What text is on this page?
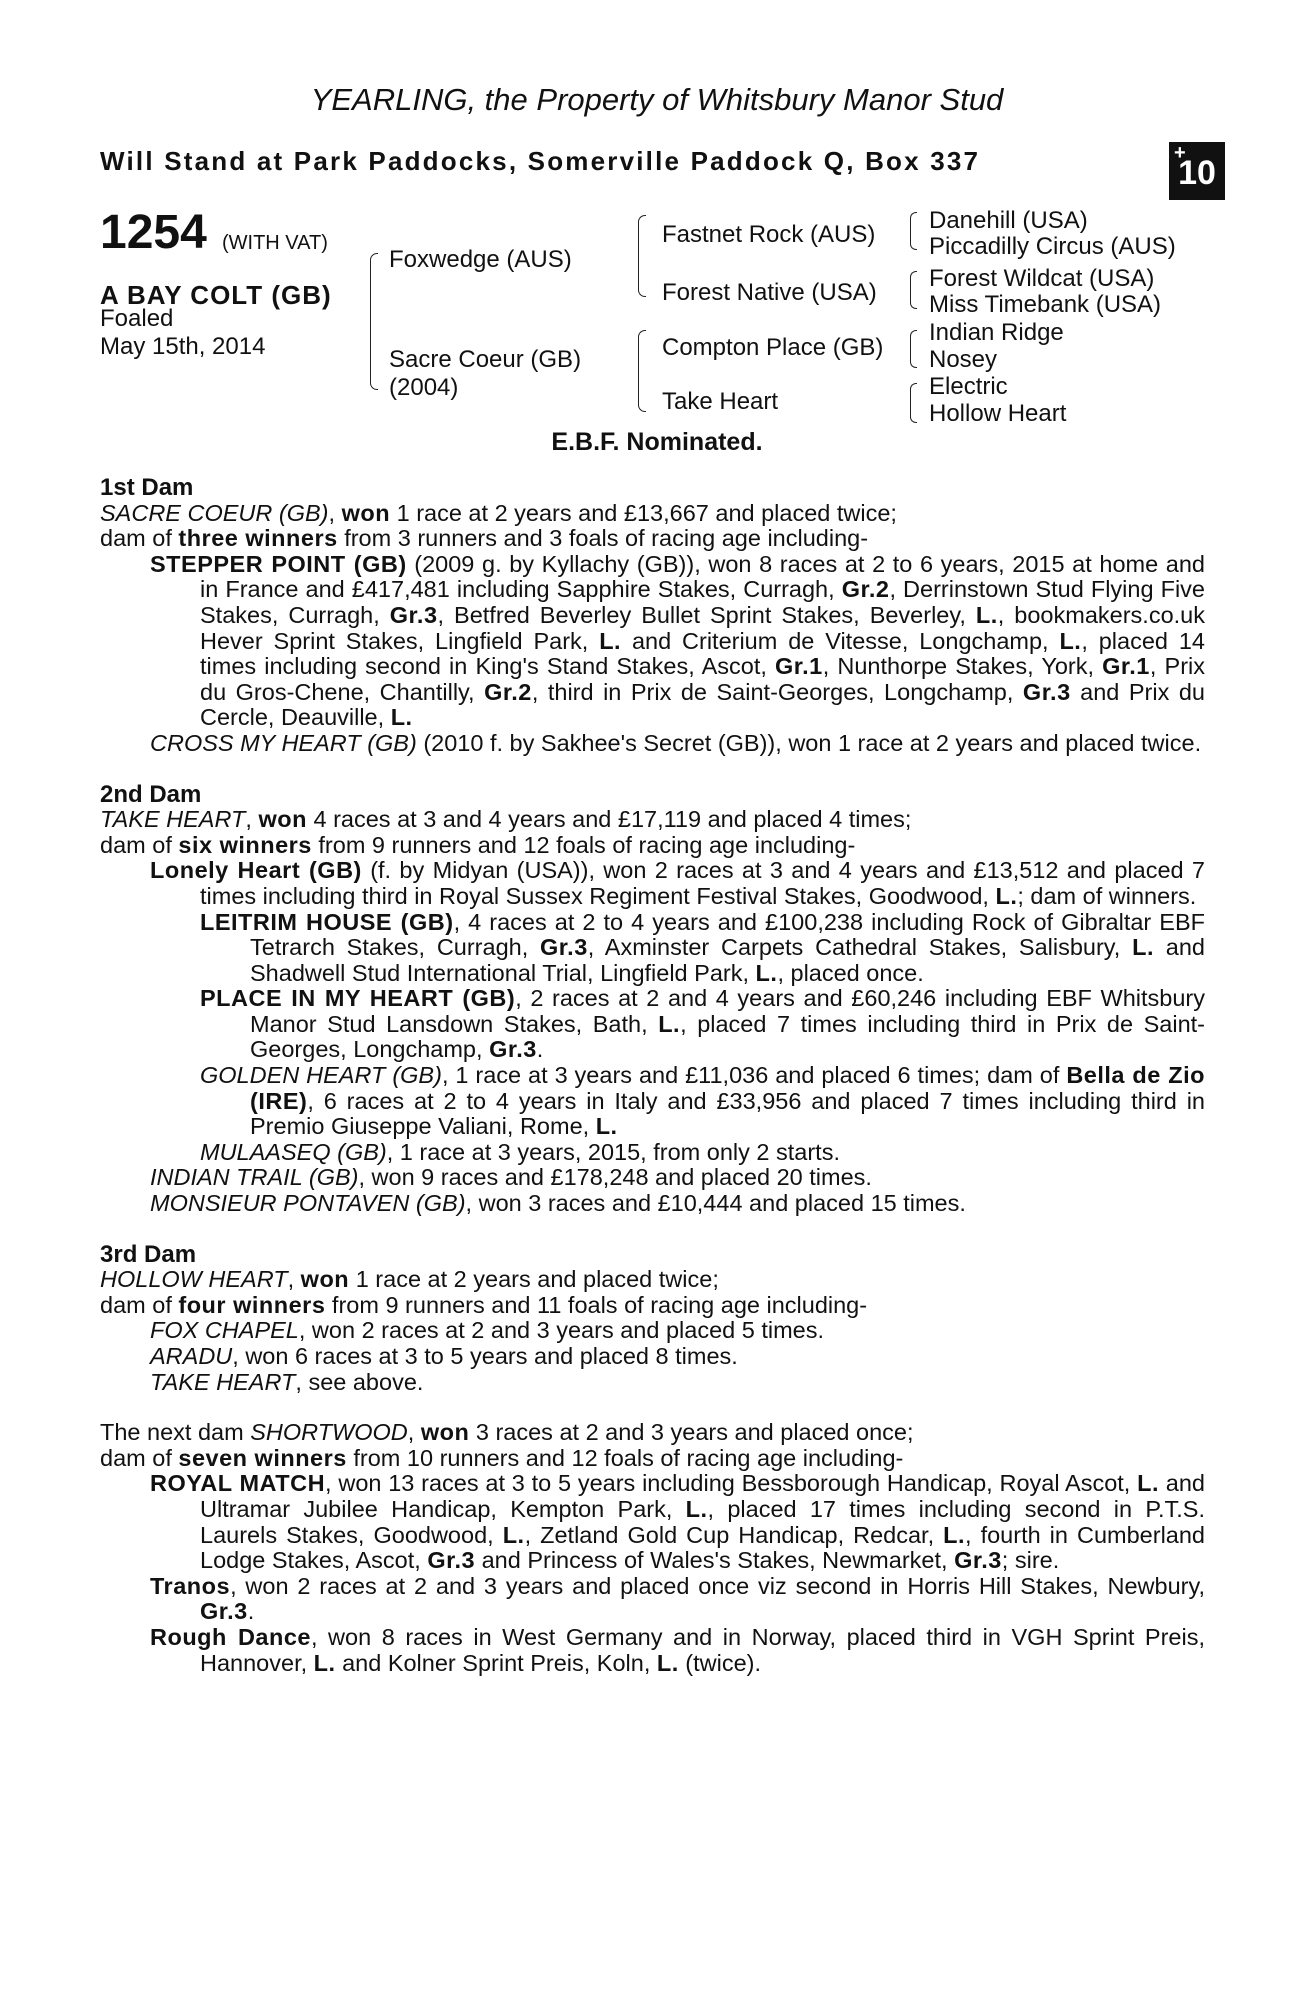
YEARLING, the Property of Whitsbury Manor Stud
Will Stand at Park Paddocks, Somerville Paddock Q, Box 337	+
10
1254 (WITH VAT)
A BAY COLT (GB)
Foaled
May 15th, 2014
Foxwedge (AUS)
Sacre Coeur (GB)
(2004)
Fastnet Rock (AUS)
Forest Native (USA)
Compton Place (GB)
Take Heart
Danehill (USA)
Piccadilly Circus (AUS)
Forest Wildcat (USA)
Miss Timebank (USA)
Indian Ridge
Nosey
Electric
Hollow Heart
E.B.F. Nominated.

1st Dam

SACRE COEUR (GB), won 1 race at 2 years and £13,667 and placed twice;

dam of three winners from 3 runners and 3 foals of racing age including-

STEPPER POINT (GB) (2009 g. by Kyllachy (GB)), won 8 races at 2 to 6 years, 2015 at home and in France and £417,481 including Sapphire Stakes, Curragh, Gr.2, Derrinstown Stud Flying Five Stakes, Curragh, Gr.3, Betfred Beverley Bullet Sprint Stakes, Beverley, L., bookmakers.co.uk Hever Sprint Stakes, Lingfield Park, L. and Criterium de Vitesse, Longchamp, L., placed 14 times including second in King's Stand Stakes, Ascot, Gr.1, Nunthorpe Stakes, York, Gr.1, Prix du Gros-Chene, Chantilly, Gr.2, third in Prix de Saint-Georges, Longchamp, Gr.3 and Prix du Cercle, Deauville, L.

CROSS MY HEART (GB) (2010 f. by Sakhee's Secret (GB)), won 1 race at 2 years and placed twice.

2nd Dam

TAKE HEART, won 4 races at 3 and 4 years and £17,119 and placed 4 times;

dam of six winners from 9 runners and 12 foals of racing age including-

Lonely Heart (GB) (f. by Midyan (USA)), won 2 races at 3 and 4 years and £13,512 and placed 7 times including third in Royal Sussex Regiment Festival Stakes, Goodwood, L.; dam of winners.

LEITRIM HOUSE (GB), 4 races at 2 to 4 years and £100,238 including Rock of Gibraltar EBF Tetrarch Stakes, Curragh, Gr.3, Axminster Carpets Cathedral Stakes, Salisbury, L. and Shadwell Stud International Trial, Lingfield Park, L., placed once.

PLACE IN MY HEART (GB), 2 races at 2 and 4 years and £60,246 including EBF Whitsbury Manor Stud Lansdown Stakes, Bath, L., placed 7 times including third in Prix de Saint-Georges, Longchamp, Gr.3.

GOLDEN HEART (GB), 1 race at 3 years and £11,036 and placed 6 times; dam of Bella de Zio (IRE), 6 races at 2 to 4 years in Italy and £33,956 and placed 7 times including third in Premio Giuseppe Valiani, Rome, L.

MULAASEQ (GB), 1 race at 3 years, 2015, from only 2 starts.

INDIAN TRAIL (GB), won 9 races and £178,248 and placed 20 times.

MONSIEUR PONTAVEN (GB), won 3 races and £10,444 and placed 15 times.

3rd Dam

HOLLOW HEART, won 1 race at 2 years and placed twice;

dam of four winners from 9 runners and 11 foals of racing age including-

FOX CHAPEL, won 2 races at 2 and 3 years and placed 5 times.

ARADU, won 6 races at 3 to 5 years and placed 8 times.

TAKE HEART, see above.

The next dam SHORTWOOD, won 3 races at 2 and 3 years and placed once;

dam of seven winners from 10 runners and 12 foals of racing age including-

ROYAL MATCH, won 13 races at 3 to 5 years including Bessborough Handicap, Royal Ascot, L. and Ultramar Jubilee Handicap, Kempton Park, L., placed 17 times including second in P.T.S. Laurels Stakes, Goodwood, L., Zetland Gold Cup Handicap, Redcar, L., fourth in Cumberland Lodge Stakes, Ascot, Gr.3 and Princess of Wales's Stakes, Newmarket, Gr.3; sire.

Tranos, won 2 races at 2 and 3 years and placed once viz second in Horris Hill Stakes, Newbury, Gr.3.

Rough Dance, won 8 races in West Germany and in Norway, placed third in VGH Sprint Preis, Hannover, L. and Kolner Sprint Preis, Koln, L. (twice).
